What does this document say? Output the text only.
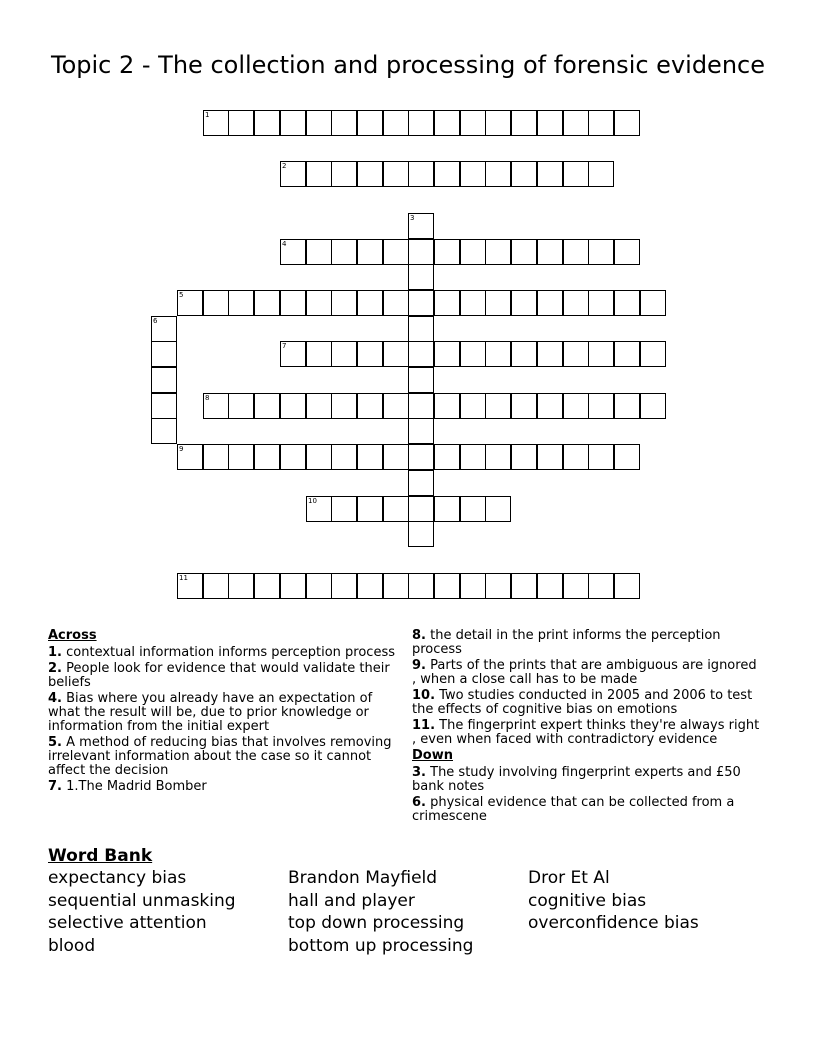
Topic 2 - The collection and processing of forensic evidence
1
2
3
4
5
6
7
8
9
10
11
Across
1. contextual information informs perception process
2. People look for evidence that would validate their beliefs
4. Bias where you already have an expectation of what the result will be, due to prior knowledge or information from the initial expert
5. A method of reducing bias that involves removing irrelevant information about the case so it cannot affect the decision
7. 1.The Madrid Bomber
8. the detail in the print informs the perception process
9. Parts of the prints that are ambiguous are ignored , when a close call has to be made
10. Two studies conducted in 2005 and 2006 to test the effects of cognitive bias on emotions
11. The fingerprint expert thinks they're always right , even when faced with contradictory evidence
Down
3. The study involving fingerprint experts and £50 bank notes
6. physical evidence that can be collected from a crimescene
Word Bank
expectancy bias
sequential unmasking
selective attention
blood
Brandon Mayfield
hall and player
top down processing
bottom up processing
Dror Et Al
cognitive bias
overconfidence bias
